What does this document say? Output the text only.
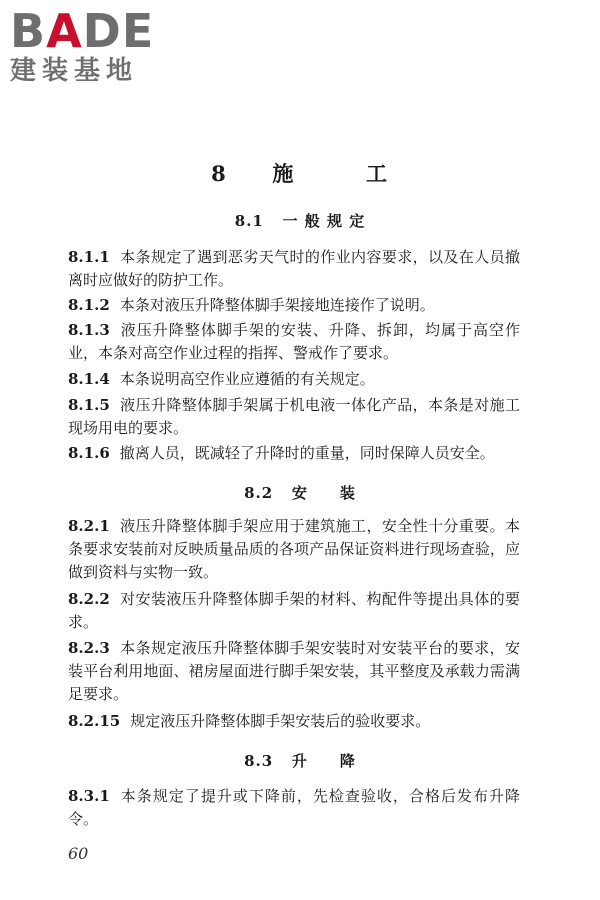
BADE
建装基地
8 施	工
8.1 一 般 规 定
8.1.1 本条规定了遇到恶劣天气时的作业内容要求，以及在人员撤离时应做好的防护工作。
8.1.2 本条对液压升降整体脚手架接地连接作了说明。
8.1.3 液压升降整体脚手架的安装、升降、拆卸，均属于高空作业，本条对高空作业过程的指挥、警戒作了要求。
8.1.4 本条说明高空作业应遵循的有关规定。
8.1.5 液压升降整体脚手架属于机电液一体化产品，本条是对施工现场用电的要求。
8.1.6 撤离人员，既减轻了升降时的重量，同时保障人员安全。
8.2 安　　装
8.2.1 液压升降整体脚手架应用于建筑施工，安全性十分重要。本条要求安装前对反映质量品质的各项产品保证资料进行现场查验，应做到资料与实物一致。
8.2.2 对安装液压升降整体脚手架的材料、构配件等提出具体的要求。
8.2.3 本条规定液压升降整体脚手架安装时对安装平台的要求，安装平台利用地面、裙房屋面进行脚手架安装，其平整度及承载力需满足要求。
8.2.15 规定液压升降整体脚手架安装后的验收要求。
8.3 升　　降
8.3.1 本条规定了提升或下降前，先检查验收，合格后发布升降令。
60
